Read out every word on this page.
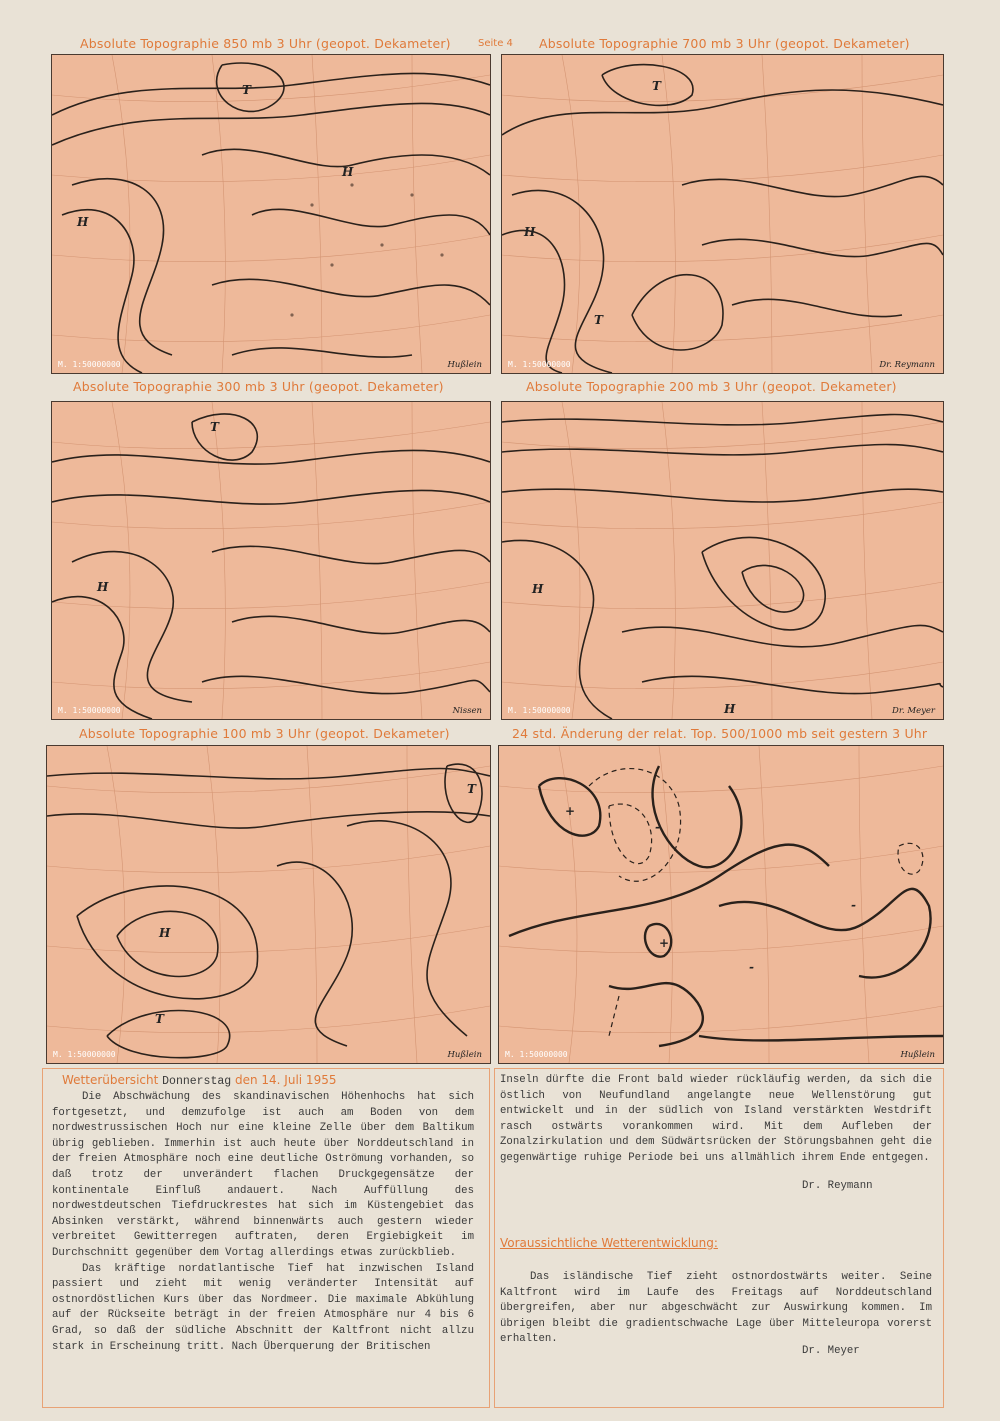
Absolute Topographie 850 mb 3 Uhr (geopot. Dekameter)	Seite 4 Absolute Topographie 700 mb 3 Uhr (geopot. Dekameter)
H
T
H
M. 1:50000000	Hußlein
H
T
T
M. 1:50000000	Dr. Reymann
Absolute Topographie 300 mb 3 Uhr (geopot. Dekameter)	Absolute Topographie 200 mb 3 Uhr (geopot. Dekameter)
H
T
M. 1:50000000	Nissen
H
H
M. 1:50000000	Dr. Meyer
Absolute Topographie 100 mb 3 Uhr (geopot. Dekameter)	24 std. Änderung der relat. Top. 500/1000 mb seit gestern 3 Uhr
H
T
T
M. 1:50000000	Hußlein
+
-
+
-
-
M. 1:50000000	Hußlein
Wetterübersicht Donnerstag den 14. Juli 1955

Die Abschwächung des skandinavischen Höhenhochs hat sich fortgesetzt, und demzufolge ist auch am Boden von dem nordwestrussischen Hoch nur eine kleine Zelle über dem Baltikum übrig geblieben. Immerhin ist auch heute über Norddeutschland in der freien Atmosphäre noch eine deutliche Oströmung vorhanden, so daß trotz der unverändert flachen Druckgegensätze der kontinentale Einfluß andauert. Nach Auffüllung des nordwestdeutschen Tiefdruckrestes hat sich im Küstengebiet das Absinken verstärkt, während binnenwärts auch gestern wieder verbreitet Gewitterregen auftraten, deren Ergiebigkeit im Durchschnitt gegenüber dem Vortag allerdings etwas zurückblieb.

Das kräftige nordatlantische Tief hat inzwischen Island passiert und zieht mit wenig veränderter Intensität auf ostnordöstlichen Kurs über das Nordmeer. Die maximale Abkühlung auf der Rückseite beträgt in der freien Atmosphäre nur 4 bis 6 Grad, so daß der südliche Abschnitt der Kaltfront nicht allzu stark in Erscheinung tritt. Nach Überquerung der Britischen

Inseln dürfte die Front bald wieder rückläufig werden, da sich die östlich von Neufundland angelangte neue Wellenstörung gut entwickelt und in der südlich von Island verstärkten Westdrift rasch ostwärts vorankommen wird. Mit dem Aufleben der Zonalzirkulation und dem Südwärtsrücken der Störungsbahnen geht die gegenwärtige ruhige Periode bei uns allmählich ihrem Ende entgegen.

Dr. Reymann
Voraussichtliche Wetterentwicklung:

Das isländische Tief zieht ostnordostwärts weiter. Seine Kaltfront wird im Laufe des Freitags auf Norddeutschland übergreifen, aber nur abgeschwächt zur Auswirkung kommen. Im übrigen bleibt die gradientschwache Lage über Mitteleuropa vorerst erhalten.

Dr. Meyer
